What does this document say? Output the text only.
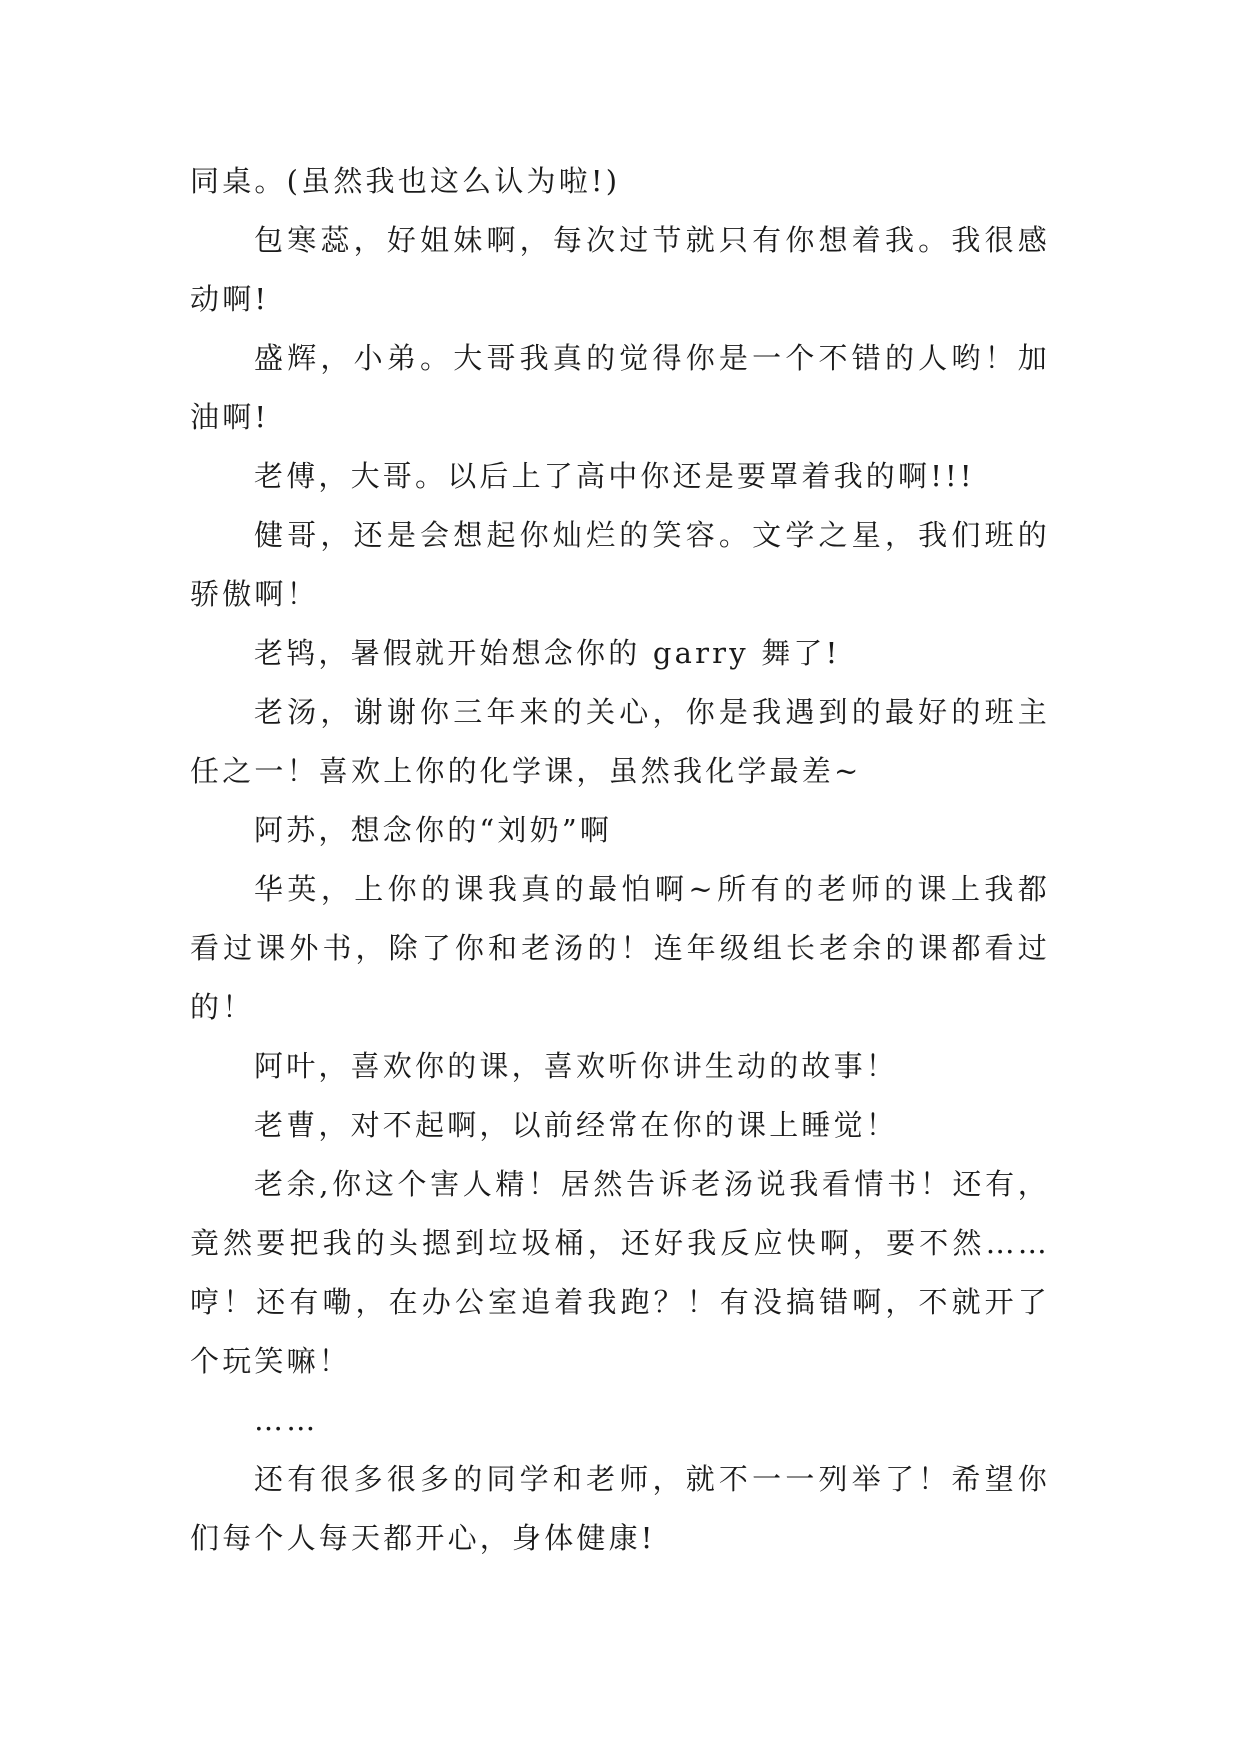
同桌。(虽然我也这么认为啦!)

包寒蕊，好姐妹啊，每次过节就只有你想着我。我很感动啊!

盛辉，小弟。大哥我真的觉得你是一个不错的人哟！加油啊!

老傅，大哥。以后上了高中你还是要罩着我的啊!!!

健哥，还是会想起你灿烂的笑容。文学之星，我们班的骄傲啊！

老鸨，暑假就开始想念你的 garry 舞了!

老汤，谢谢你三年来的关心，你是我遇到的最好的班主任之一！喜欢上你的化学课，虽然我化学最差~

阿苏，想念你的“刘奶”啊

华英，上你的课我真的最怕啊~所有的老师的课上我都看过课外书，除了你和老汤的！连年级组长老余的课都看过的！

阿叶，喜欢你的课，喜欢听你讲生动的故事！

老曹，对不起啊，以前经常在你的课上睡觉！

老余,你这个害人精！居然告诉老汤说我看情书！还有，竟然要把我的头摁到垃圾桶，还好我反应快啊，要不然……哼！还有嘞，在办公室追着我跑？！有没搞错啊，不就开了个玩笑嘛！

……

还有很多很多的同学和老师，就不一一列举了！希望你们每个人每天都开心，身体健康!
